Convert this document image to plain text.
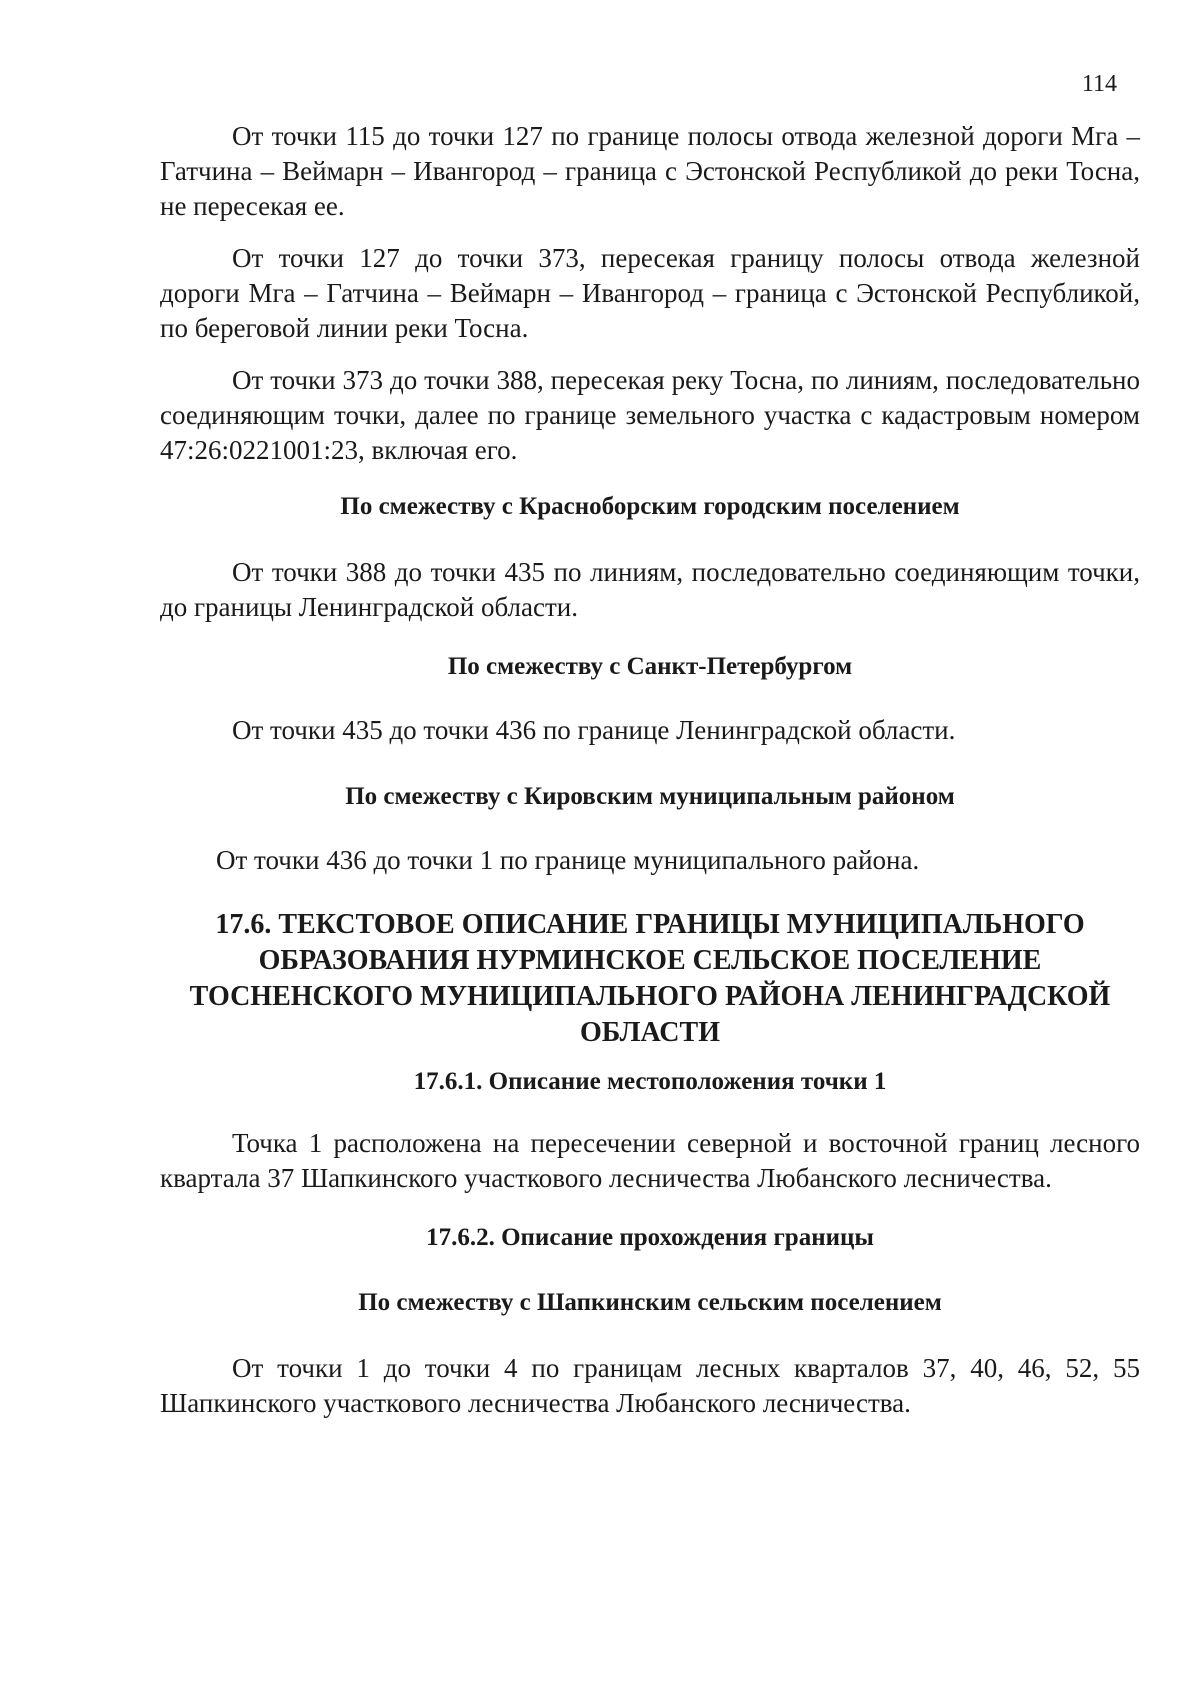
114

От точки 115 до точки 127 по границе полосы отвода железной дороги Мга – Гатчина – Веймарн – Ивангород – граница с Эстонской Республикой до реки Тосна, не пересекая ее.

От точки 127 до точки 373, пересекая границу полосы отвода железной дороги Мга – Гатчина – Веймарн – Ивангород – граница с Эстонской Республикой, по береговой линии реки Тосна.

От точки 373 до точки 388, пересекая реку Тосна, по линиям, последовательно соединяющим точки, далее по границе земельного участка с кадастровым номером 47:26:0221001:23, включая его.

По смежеству с Красноборским городским поселением

От точки 388 до точки 435 по линиям, последовательно соединяющим точки, до границы Ленинградской области.

По смежеству с Санкт-Петербургом

От точки 435 до точки 436 по границе Ленинградской области.

По смежеству с Кировским муниципальным районом

От точки 436 до точки 1 по границе муниципального района.

17.6. ТЕКСТОВОЕ ОПИСАНИЕ ГРАНИЦЫ МУНИЦИПАЛЬНОГО ОБРАЗОВАНИЯ НУРМИНСКОЕ СЕЛЬСКОЕ ПОСЕЛЕНИЕ ТОСНЕНСКОГО МУНИЦИПАЛЬНОГО РАЙОНА ЛЕНИНГРАДСКОЙ ОБЛАСТИ
17.6.1. Описание местоположения точки 1

Точка 1 расположена на пересечении северной и восточной границ лесного квартала 37 Шапкинского участкового лесничества Любанского лесничества.

17.6.2. Описание прохождения границы
По смежеству с Шапкинским сельским поселением

От точки 1 до точки 4 по границам лесных кварталов 37, 40, 46, 52, 55 Шапкинского участкового лесничества Любанского лесничества.
